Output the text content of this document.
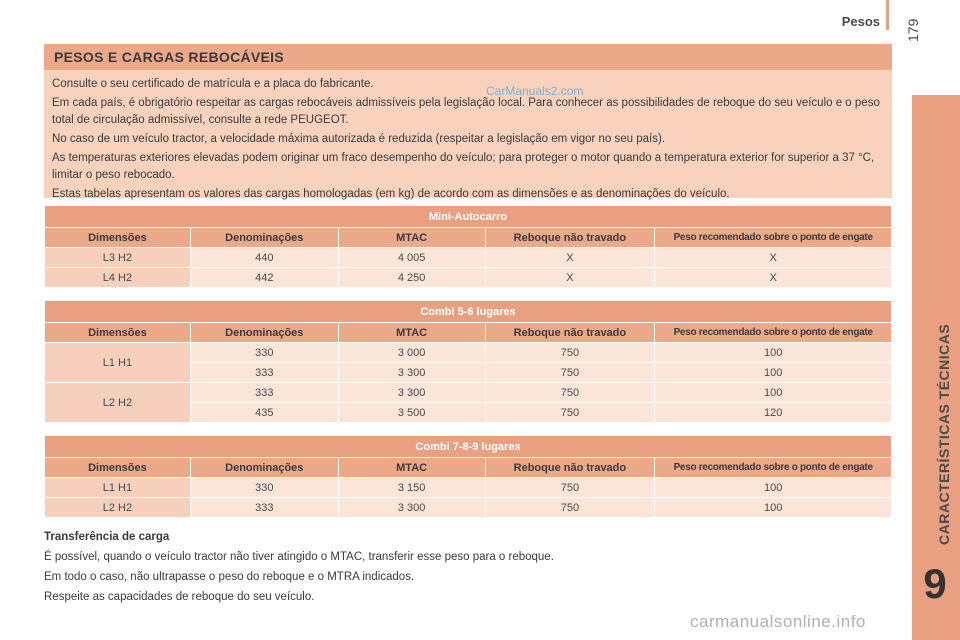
Pesos 179
CARACTERÍSTICAS TÉCNICAS
9
PESOS E CARGAS REBOCÁVEIS

Consulte o seu certificado de matrícula e a placa do fabricante.

Em cada país, é obrigatório respeitar as cargas rebocáveis admissíveis pela legislação local. Para conhecer as possibilidades de reboque do seu veículo e o peso total de circulação admissível, consulte a rede PEUGEOT.

No caso de um veículo tractor, a velocidade máxima autorizada é reduzida (respeitar a legislação em vigor no seu país).

As temperaturas exteriores elevadas podem originar um fraco desempenho do veículo; para proteger o motor quando a temperatura exterior for superior a 37 °C, limitar o peso rebocado.

Estas tabelas apresentam os valores das cargas homologadas (em kg) de acordo com as dimensões e as denominações do veículo.

CarManuals2.com
Mini-Autocarro				
Dimensões	Denominações	MTAC	Reboque não travado	Peso recomendado sobre o ponto de engate
L3 H2	440	4 005	X	X
L4 H2	442	4 250	X	X
Combi 5-6 lugares				
Dimensões	Denominações	MTAC	Reboque não travado	Peso recomendado sobre o ponto de engate
L1 H1	330	3 000	750	100
	333	3 300	750	100
L2 H2	333	3 300	750	100
	435	3 500	750	120
Combi 7-8-9 lugares				
Dimensões	Denominações	MTAC	Reboque não travado	Peso recomendado sobre o ponto de engate
L1 H1	330	3 150	750	100
L2 H2	333	3 300	750	100
Transferência de carga
É possível, quando o veículo tractor não tiver atingido o MTAC, transferir esse peso para o reboque.
Em todo o caso, não ultrapasse o peso do reboque e o MTRA indicados.
Respeite as capacidades de reboque do seu veículo.
carmanualsonline.info
